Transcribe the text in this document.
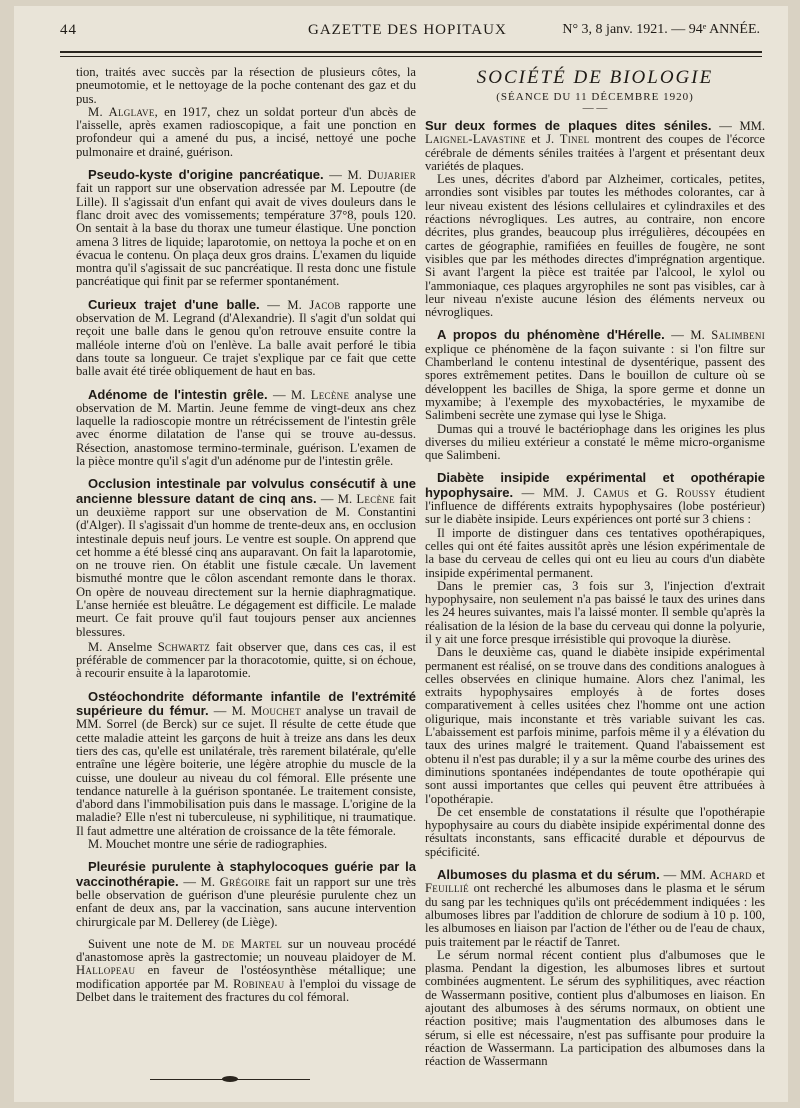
44	GAZETTE DES HOPITAUX	N° 3, 8 janv. 1921. — 94ᵉ ANNÉE.

tion, traités avec succès par la résection de plusieurs côtes, la pneumotomie, et le nettoyage de la poche contenant des gaz et du pus.

M. Alglave, en 1917, chez un soldat porteur d'un abcès de l'aisselle, après examen radioscopique, a fait une ponction en profondeur qui a amené du pus, a incisé, nettoyé une poche pulmonaire et drainé, guérison.

Pseudo-kyste d'origine pancréatique. — M. Dujarier fait un rapport sur une observation adressée par M. Lepoutre (de Lille). Il s'agissait d'un enfant qui avait de vives douleurs dans le flanc droit avec des vomissements; température 37°8, pouls 120. On sentait à la base du thorax une tumeur élastique. Une ponction amena 3 litres de liquide; laparotomie, on nettoya la poche et on en évacua le contenu. On plaça deux gros drains. L'examen du liquide montra qu'il s'agissait de suc pancréatique. Il resta donc une fistule pancréatique qui finit par se refermer spontanément.

Curieux trajet d'une balle. — M. Jacob rapporte une observation de M. Legrand (d'Alexandrie). Il s'agit d'un soldat qui reçoit une balle dans le genou qu'on retrouve ensuite contre la malléole interne d'où on l'enlève. La balle avait perforé le tibia dans toute sa longueur. Ce trajet s'explique par ce fait que cette balle avait été tirée obliquement de haut en bas.

Adénome de l'intestin grêle. — M. Lecène analyse une observation de M. Martin. Jeune femme de vingt-deux ans chez laquelle la radioscopie montre un rétrécissement de l'intestin grêle avec énorme dilatation de l'anse qui se trouve au-dessus. Résection, anastomose termino-terminale, guérison. L'examen de la pièce montre qu'il s'agit d'un adénome pur de l'intestin grêle.

Occlusion intestinale par volvulus consécutif à une ancienne blessure datant de cinq ans. — M. Lecène fait un deuxième rapport sur une observation de M. Constantini (d'Alger). Il s'agissait d'un homme de trente-deux ans, en occlusion intestinale depuis neuf jours. Le ventre est souple. On apprend que cet homme a été blessé cinq ans auparavant. On fait la laparotomie, on ne trouve rien. On établit une fistule cæcale. Un lavement bismuthé montre que le côlon ascendant remonte dans le thorax. On opère de nouveau directement sur la hernie diaphragmatique. L'anse herniée est bleuâtre. Le dégagement est difficile. Le malade meurt. Ce fait prouve qu'il faut toujours penser aux anciennes blessures.

M. Anselme Schwartz fait observer que, dans ces cas, il est préférable de commencer par la thoracotomie, quitte, si on échoue, à recourir ensuite à la laparotomie.

Ostéochondrite déformante infantile de l'extrémité supérieure du fémur. — M. Mouchet analyse un travail de MM. Sorrel (de Berck) sur ce sujet. Il résulte de cette étude que cette maladie atteint les garçons de huit à treize ans dans les deux tiers des cas, qu'elle est unilatérale, très rarement bilatérale, qu'elle entraîne une légère boiterie, une légère atrophie du muscle de la cuisse, une douleur au niveau du col fémoral. Elle présente une tendance naturelle à la guérison spontanée. Le traitement consiste, d'abord dans l'immobilisation puis dans le massage. L'origine de la maladie? Elle n'est ni tuberculeuse, ni syphilitique, ni traumatique. Il faut admettre une altération de croissance de la tête fémorale.

M. Mouchet montre une série de radiographies.

Pleurésie purulente à staphylocoques guérie par la vaccinothérapie. — M. Grégoire fait un rapport sur une très belle observation de guérison d'une pleurésie purulente chez un enfant de deux ans, par la vaccination, sans aucune intervention chirurgicale par M. Dellerey (de Liège).

Suivent une note de M. de Martel sur un nouveau procédé d'anastomose après la gastrectomie; un nouveau plaidoyer de M. Hallopeau en faveur de l'ostéosynthèse métallique; une modification apportée par M. Robineau à l'emploi du vissage de Delbet dans le traitement des fractures du col fémoral.

SOCIÉTÉ DE BIOLOGIE
(SÉANCE DU 11 DÉCEMBRE 1920)
— —

Sur deux formes de plaques dites séniles. — MM. Laignel-Lavastine et J. Tinel montrent des coupes de l'écorce cérébrale de déments séniles traitées à l'argent et présentant deux variétés de plaques.

Les unes, décrites d'abord par Alzheimer, corticales, petites, arrondies sont visibles par toutes les méthodes colorantes, car à leur niveau existent des lésions cellulaires et cylindraxiles et des réactions névrogliques. Les autres, au contraire, non encore décrites, plus grandes, beaucoup plus irrégulières, découpées en cartes de géographie, ramifiées en feuilles de fougère, ne sont visibles que par les méthodes directes d'imprégnation argentique. Si avant l'argent la pièce est traitée par l'alcool, le xylol ou l'ammoniaque, ces plaques argyrophiles ne sont pas visibles, car à leur niveau n'existe aucune lésion des éléments nerveux ou névrogliques.

A propos du phénomène d'Hérelle. — M. Salimbeni explique ce phénomène de la façon suivante : si l'on filtre sur Chamberland le contenu intestinal de dysentérique, passent des spores extrêmement petites. Dans le bouillon de culture où se développent les bacilles de Shiga, la spore germe et donne un myxamibe; à l'exemple des myxobactéries, le myxamibe de Salimbeni secrète une zymase qui lyse le Shiga.

Dumas qui a trouvé le bactériophage dans les origines les plus diverses du milieu extérieur a constaté le même micro-organisme que Salimbeni.

Diabète insipide expérimental et opothérapie hypophysaire. — MM. J. Camus et G. Roussy étudient l'influence de différents extraits hypophysaires (lobe postérieur) sur le diabète insipide. Leurs expériences ont porté sur 3 chiens :

Il importe de distinguer dans ces tentatives opothérapiques, celles qui ont été faites aussitôt après une lésion expérimentale de la base du cerveau de celles qui ont eu lieu au cours d'un diabète insipide expérimental permanent.

Dans le premier cas, 3 fois sur 3, l'injection d'extrait hypophysaire, non seulement n'a pas baissé le taux des urines dans les 24 heures suivantes, mais l'a laissé monter. Il semble qu'après la réalisation de la lésion de la base du cerveau qui donne la polyurie, il y ait une force presque irrésistible qui provoque la diurèse.

Dans le deuxième cas, quand le diabète insipide expérimental permanent est réalisé, on se trouve dans des conditions analogues à celles observées en clinique humaine. Alors chez l'animal, les extraits hypophysaires employés à de fortes doses comparativement à celles usitées chez l'homme ont une action oligurique, mais inconstante et très variable suivant les cas. L'abaissement est parfois minime, parfois même il y a élévation du taux des urines malgré le traitement. Quand l'abaissement est obtenu il n'est pas durable; il y a sur la même courbe des urines des diminutions spontanées indépendantes de toute opothérapie qui sont aussi importantes que celles qui peuvent être attribuées à l'opothérapie.

De cet ensemble de constatations il résulte que l'opothérapie hypophysaire au cours du diabète insipide expérimental donne des résultats inconstants, sans efficacité durable et dépourvus de spécificité.

Albumoses du plasma et du sérum. — MM. Achard et Feuillié ont recherché les albumoses dans le plasma et le sérum du sang par les techniques qu'ils ont précédemment indiquées : les albumoses libres par l'addition de chlorure de sodium à 10 p. 100, les albumoses en liaison par l'action de l'éther ou de l'eau de chaux, puis traitement par le réactif de Tanret.

Le sérum normal récent contient plus d'albumoses que le plasma. Pendant la digestion, les albumoses libres et surtout combinées augmentent. Le sérum des syphilitiques, avec réaction de Wassermann positive, contient plus d'albumoses en liaison. En ajoutant des albumoses à des sérums normaux, on obtient une réaction positive; mais l'augmentation des albumoses dans le sérum, si elle est nécessaire, n'est pas suffisante pour produire la réaction de Wassermann. La participation des albumoses dans la réaction de Wassermann
